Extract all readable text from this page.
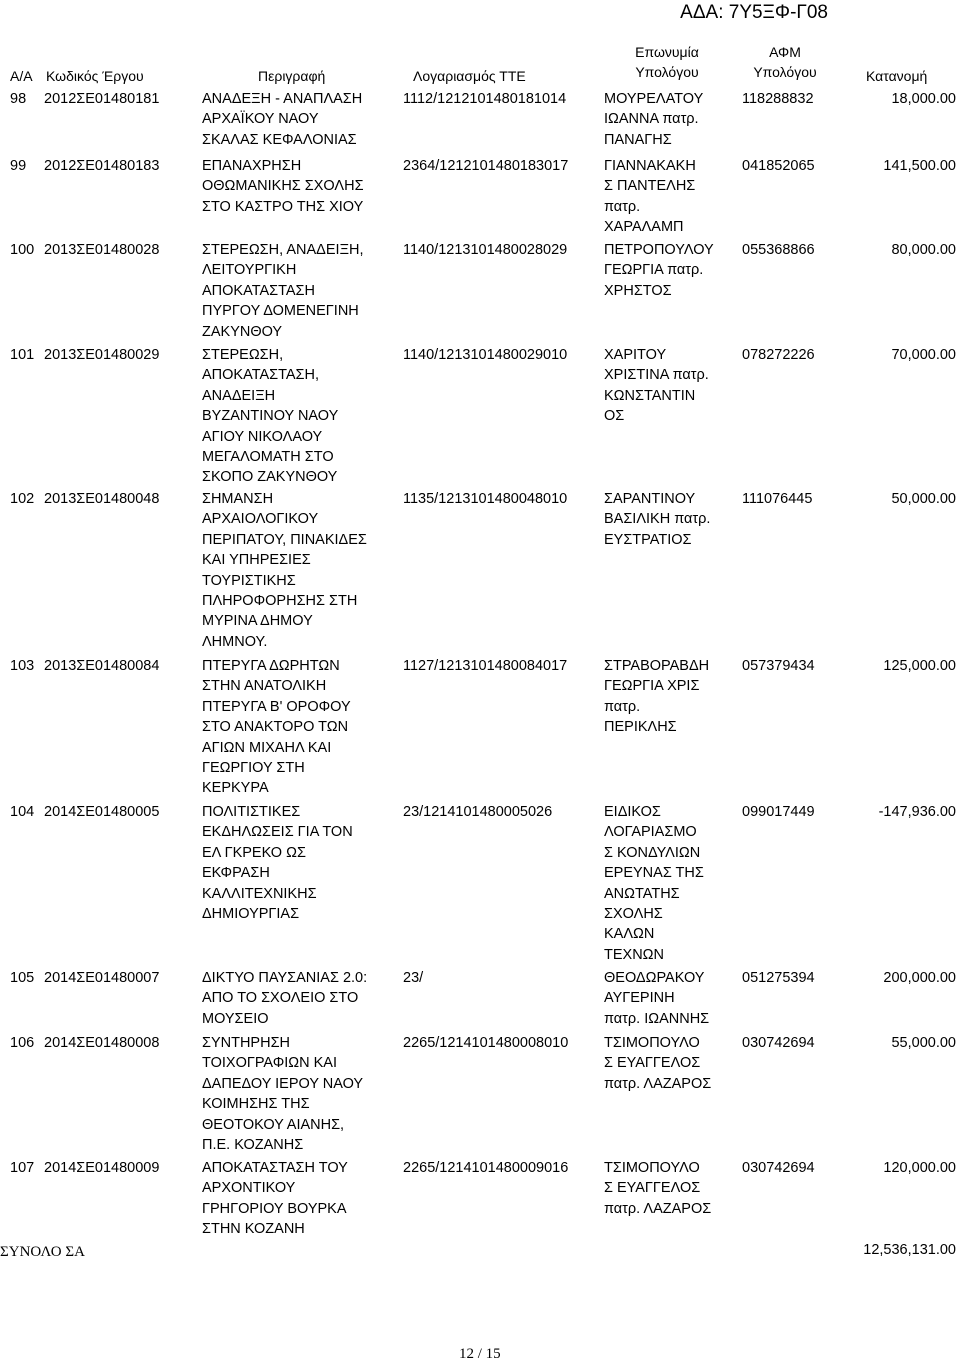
ΑΔΑ: 7Υ5ΞΦ-Γ08
Α/Α Κωδικός Έργου	Περιγραφή	Λογαριασμός ΤΤΕ
Επωνυμία
Υπολόγου
ΑΦΜ
Υπολόγου	Κατανομή
98	2012ΣΕ01480181	ΑΝΑΔΕΞΗ - ΑΝΑΠΛΑΣΗ
ΑΡΧΑΪΚΟΥ ΝΑΟΥ
ΣΚΑΛΑΣ ΚΕΦΑΛΟΝΙΑΣ
1112/1212101480181014	ΜΟΥΡΕΛΑΤΟΥ
ΙΩΑΝΝΑ πατρ.
ΠΑΝΑΓΗΣ
118288832	18,000.00
99	2012ΣΕ01480183	ΕΠΑΝΑΧΡΗΣΗ
ΟΘΩΜΑΝΙΚΗΣ ΣΧΟΛΗΣ
ΣΤΟ ΚΑΣΤΡΟ ΤΗΣ ΧΙΟΥ
2364/1212101480183017	ΓΙΑΝΝΑΚΑΚΗ
Σ ΠΑΝΤΕΛΗΣ
πατρ.
ΧΑΡΑΛΑΜΠ
041852065	141,500.00
100 2013ΣΕ01480028	ΣΤΕΡΕΩΣΗ, ΑΝΑΔΕΙΞΗ,
ΛΕΙΤΟΥΡΓΙΚΗ
ΑΠΟΚΑΤΑΣΤΑΣΗ
ΠΥΡΓΟΥ ΔΟΜΕΝΕΓΙΝΗ
ΖΑΚΥΝΘΟΥ
1140/1213101480028029	ΠΕΤΡΟΠΟΥΛΟΥ
ΓΕΩΡΓΙΑ πατρ.
ΧΡΗΣΤΟΣ
055368866	80,000.00
101 2013ΣΕ01480029	ΣΤΕΡΕΩΣΗ,
ΑΠΟΚΑΤΑΣΤΑΣΗ,
ΑΝΑΔΕΙΞΗ
ΒΥΖΑΝΤΙΝΟΥ ΝΑΟΥ
ΑΓΙΟΥ ΝΙΚΟΛΑΟΥ
ΜΕΓΑΛΟΜΑΤΗ ΣΤΟ
ΣΚΟΠΟ ΖΑΚΥΝΘΟΥ
1140/1213101480029010	ΧΑΡΙΤΟΥ
ΧΡΙΣΤΙΝΑ πατρ.
ΚΩΝΣΤΑΝΤΙΝ
ΟΣ
078272226	70,000.00
102 2013ΣΕ01480048	ΣΗΜΑΝΣΗ
ΑΡΧΑΙΟΛΟΓΙΚΟΥ
ΠΕΡΙΠΑΤΟΥ, ΠΙΝΑΚΙΔΕΣ
ΚΑΙ ΥΠΗΡΕΣΙΕΣ
ΤΟΥΡΙΣΤΙΚΗΣ
ΠΛΗΡΟΦΟΡΗΣΗΣ ΣΤΗ
ΜΥΡΙΝΑ ΔΗΜΟΥ
ΛΗΜΝΟΥ.
1135/1213101480048010	ΣΑΡΑΝΤΙΝΟΥ
ΒΑΣΙΛΙΚΗ πατρ.
ΕΥΣΤΡΑΤΙΟΣ
111076445	50,000.00
103 2013ΣΕ01480084	ΠΤΕΡΥΓΑ ΔΩΡΗΤΩΝ
ΣΤΗΝ ΑΝΑΤΟΛΙΚΗ
ΠΤΕΡΥΓΑ Β' ΟΡΟΦΟΥ
ΣΤΟ ΑΝΑΚΤΟΡΟ ΤΩΝ
ΑΓΙΩΝ ΜΙΧΑΗΛ ΚΑΙ
ΓΕΩΡΓΙΟΥ ΣΤΗ
ΚΕΡΚΥΡΑ
1127/1213101480084017	ΣΤΡΑΒΟΡΑΒΔΗ
ΓΕΩΡΓΙΑ ΧΡΙΣ
πατρ.
ΠΕΡΙΚΛΗΣ
057379434	125,000.00
104 2014ΣΕ01480005	ΠΟΛΙΤΙΣΤΙΚΕΣ
ΕΚΔΗΛΩΣΕΙΣ ΓΙΑ ΤΟΝ
ΕΛ ΓΚΡΕΚΟ ΩΣ
ΕΚΦΡΑΣΗ
ΚΑΛΛΙΤΕΧΝΙΚΗΣ
ΔΗΜΙΟΥΡΓΙΑΣ
23/1214101480005026	ΕΙΔΙΚΟΣ
ΛΟΓΑΡΙΑΣΜΟ
Σ ΚΟΝΔΥΛΙΩΝ
ΕΡΕΥΝΑΣ ΤΗΣ
ΑΝΩΤΑΤΗΣ
ΣΧΟΛΗΣ
ΚΑΛΩΝ
ΤΕΧΝΩΝ
099017449	-147,936.00
105 2014ΣΕ01480007	ΔΙΚΤΥΟ ΠΑΥΣΑΝΙΑΣ 2.0:
ΑΠΟ ΤΟ ΣΧΟΛΕΙΟ ΣΤΟ
ΜΟΥΣΕΙΟ
23/	ΘΕΟΔΩΡΑΚΟΥ
ΑΥΓΕΡΙΝΗ
πατρ. ΙΩΑΝΝΗΣ
051275394	200,000.00
106 2014ΣΕ01480008	ΣΥΝΤΗΡΗΣΗ
ΤΟΙΧΟΓΡΑΦΙΩΝ ΚΑΙ
ΔΑΠΕΔΟΥ ΙΕΡΟΥ ΝΑΟΥ
ΚΟΙΜΗΣΗΣ ΤΗΣ
ΘΕΟΤΟΚΟΥ ΑΙΑΝΗΣ,
Π.Ε. ΚΟΖΑΝΗΣ
2265/1214101480008010	ΤΣΙΜΟΠΟΥΛΟ
Σ ΕΥΑΓΓΕΛΟΣ
πατρ. ΛΑΖΑΡΟΣ
030742694	55,000.00
107 2014ΣΕ01480009	ΑΠΟΚΑΤΑΣΤΑΣΗ ΤΟΥ
ΑΡΧΟΝΤΙΚΟΥ
ΓΡΗΓΟΡΙΟΥ ΒΟΥΡΚΑ
ΣΤΗΝ ΚΟΖΑΝΗ
2265/1214101480009016	ΤΣΙΜΟΠΟΥΛΟ
Σ ΕΥΑΓΓΕΛΟΣ
πατρ. ΛΑΖΑΡΟΣ
030742694	120,000.00
ΣΥΝΟΛΟ ΣΑ	12,536,131.00
12 / 15
